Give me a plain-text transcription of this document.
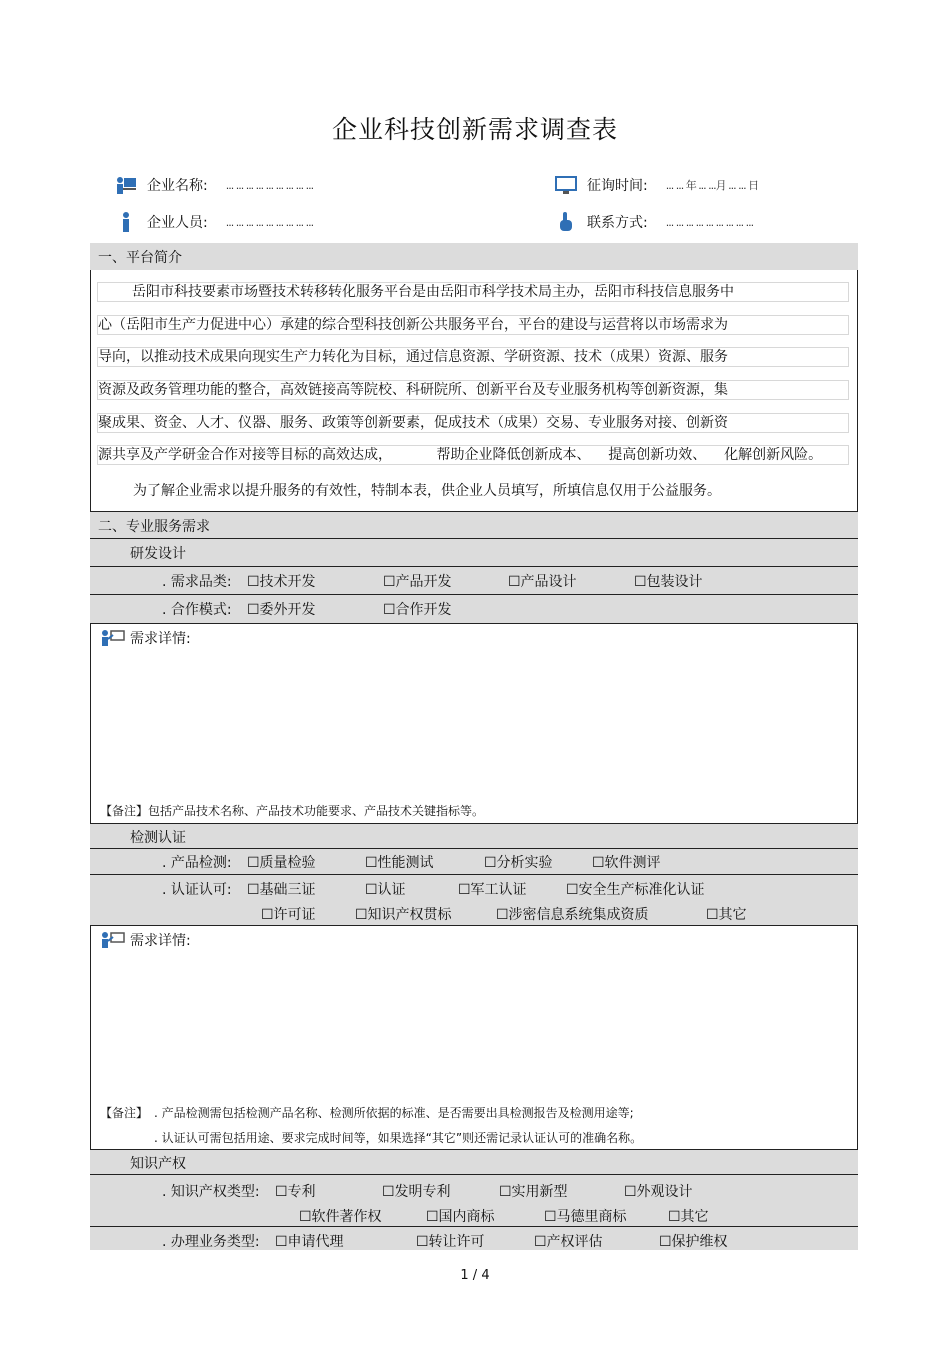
企业科技创新需求调查表
企业名称: ... ... ... ... ... ... ... ... ...	征询时间: ... ... 年 ... ...月 ... ... 日
企业人员: ... ... ... ... ... ... ... ... ...	联系方式: ... ... ... ... ... ... ... ... ...
一、平台简介
岳阳市科技要素市场暨技术转移转化服务平台是由岳阳市科学技术局主办，岳阳市科技信息服务中
心（岳阳市生产力促进中心）承建的综合型科技创新公共服务平台，平台的建设与运营将以市场需求为
导向，以推动技术成果向现实生产力转化为目标，通过信息资源、学研资源、技术（成果）资源、服务
资源及政务管理功能的整合，高效链接高等院校、科研院所、创新平台及专业服务机构等创新资源，集
聚成果、资金、人才、仪器、服务、政策等创新要素，促成技术（成果）交易、专业服务对接、创新资
源共享及产学研金合作对接等目标的高效达成，          帮助企业降低创新成本、    提高创新功效、    化解创新风险。
为了解企业需求以提升服务的有效性，特制本表，供企业人员填写，所填信息仅用于公益服务。
二、专业服务需求
研发设计
. 需求品类: ☐技术开发	☐产品开发	☐产品设计	☐包装设计
. 合作模式: ☐委外开发	☐合作开发
需求详情:
【备注】包括产品技术名称、产品技术功能要求、产品技术关键指标等。
检测认证
. 产品检测: ☐质量检验	☐性能测试	☐分析实验	☐软件测评
. 认证认可: ☐基础三证	☐认证	☐军工认证	☐安全生产标准化认证
☐许可证	☐知识产权贯标	☐涉密信息系统集成资质	☐其它
需求详情:
【备注】 . 产品检测需包括检测产品名称、检测所依据的标准、是否需要出具检测报告及检测用途等;
. 认证认可需包括用途、要求完成时间等，如果选择“其它”则还需记录认证认可的准确名称。
知识产权
. 知识产权类型: ☐专利	☐发明专利	☐实用新型	☐外观设计
☐软件著作权	☐国内商标	☐马德里商标	☐其它
. 办理业务类型: ☐申请代理	☐转让许可	☐产权评估	☐保护维权
1 / 4
